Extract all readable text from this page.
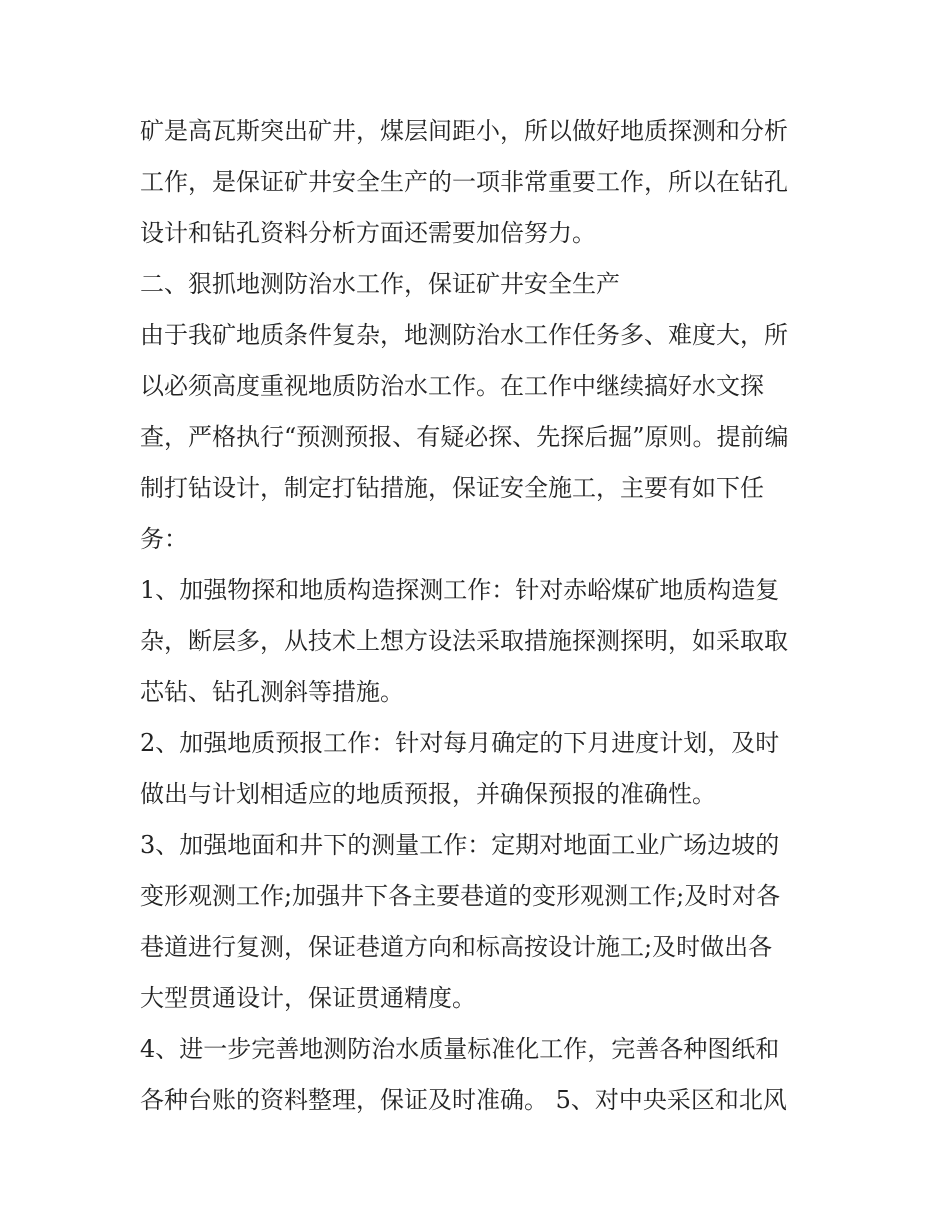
矿是高瓦斯突出矿井，煤层间距小，所以做好地质探测和分析
工作，是保证矿井安全生产的一项非常重要工作，所以在钻孔
设计和钻孔资料分析方面还需要加倍努力。
二、狠抓地测防治水工作，保证矿井安全生产
由于我矿地质条件复杂，地测防治水工作任务多、难度大，所
以必须高度重视地质防治水工作。在工作中继续搞好水文探
查，严格执行“预测预报、有疑必探、先探后掘”原则。提前编
制打钻设计，制定打钻措施，保证安全施工，主要有如下任
务：
1、加强物探和地质构造探测工作：针对赤峪煤矿地质构造复
杂，断层多，从技术上想方设法采取措施探测探明，如采取取
芯钻、钻孔测斜等措施。
2、加强地质预报工作：针对每月确定的下月进度计划，及时
做出与计划相适应的地质预报，并确保预报的准确性。
3、加强地面和井下的测量工作：定期对地面工业广场边坡的
变形观测工作;加强井下各主要巷道的变形观测工作;及时对各
巷道进行复测，保证巷道方向和标高按设计施工;及时做出各
大型贯通设计，保证贯通精度。
4、进一步完善地测防治水质量标准化工作，完善各种图纸和
各种台账的资料整理，保证及时准确。 5、对中央采区和北风
